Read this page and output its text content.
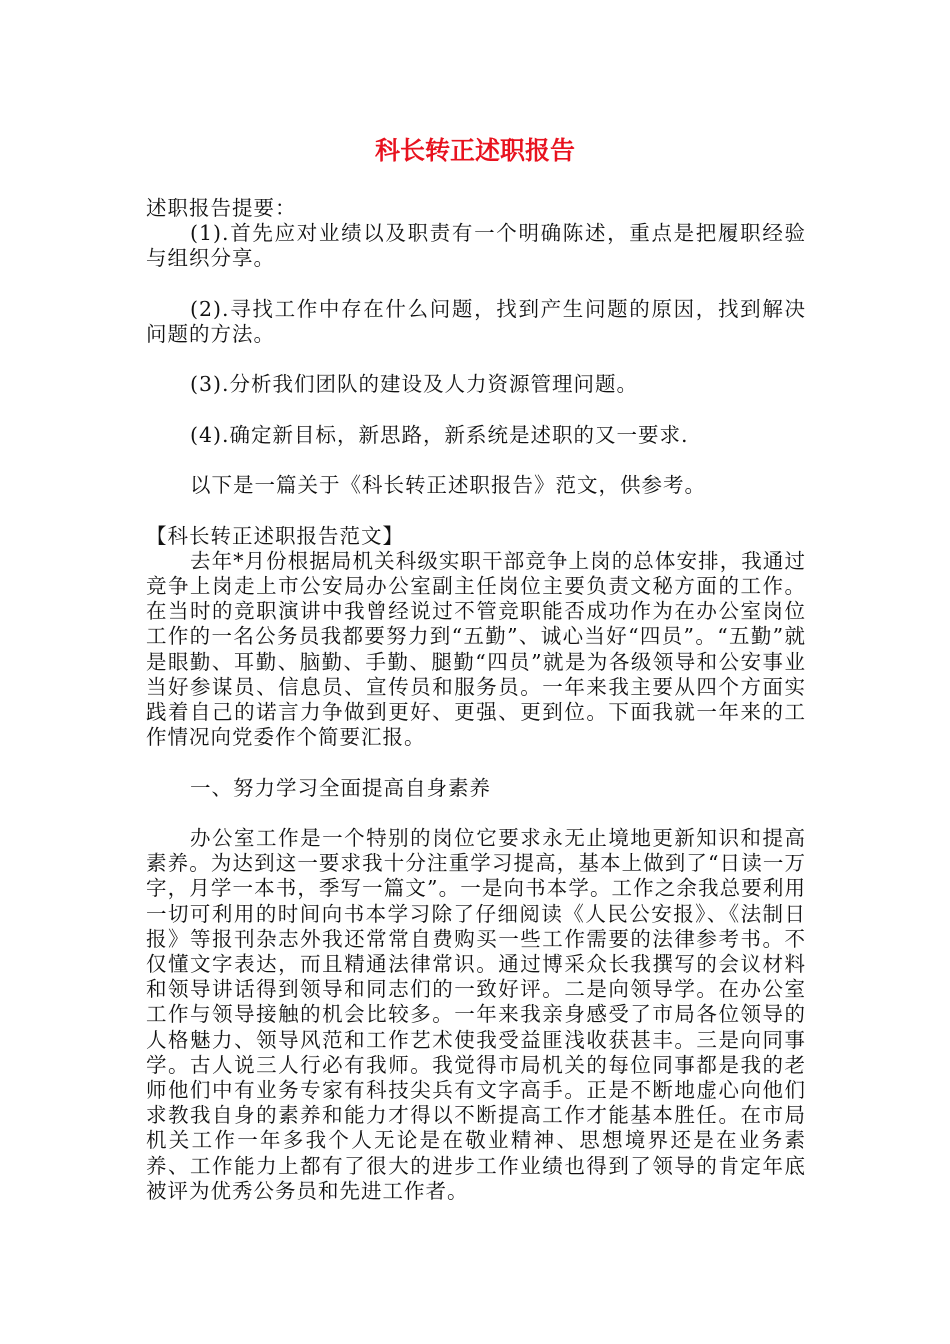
科长转正述职报告

述职报告提要：

(1).首先应对业绩以及职责有一个明确陈述，重点是把履职经验与组织分享。

(2).寻找工作中存在什么问题，找到产生问题的原因，找到解决问题的方法。

(3).分析我们团队的建设及人力资源管理问题。

(4).确定新目标，新思路，新系统是述职的又一要求.

以下是一篇关于《科长转正述职报告》范文，供参考。

【科长转正述职报告范文】

去年*月份根据局机关科级实职干部竞争上岗的总体安排，我通过竞争上岗走上市公安局办公室副主任岗位主要负责文秘方面的工作。在当时的竞职演讲中我曾经说过不管竞职能否成功作为在办公室岗位工作的一名公务员我都要努力到“五勤”、诚心当好“四员”。“五勤”就是眼勤、耳勤、脑勤、手勤、腿勤“四员”就是为各级领导和公安事业当好参谋员、信息员、宣传员和服务员。一年来我主要从四个方面实践着自己的诺言力争做到更好、更强、更到位。下面我就一年来的工作情况向党委作个简要汇报。

一、努力学习全面提高自身素养

办公室工作是一个特别的岗位它要求永无止境地更新知识和提高素养。为达到这一要求我十分注重学习提高，基本上做到了“日读一万字，月学一本书，季写一篇文”。一是向书本学。工作之余我总要利用一切可利用的时间向书本学习除了仔细阅读《人民公安报》、《法制日报》等报刊杂志外我还常常自费购买一些工作需要的法律参考书。不仅懂文字表达，而且精通法律常识。通过博采众长我撰写的会议材料和领导讲话得到领导和同志们的一致好评。二是向领导学。在办公室工作与领导接触的机会比较多。一年来我亲身感受了市局各位领导的人格魅力、领导风范和工作艺术使我受益匪浅收获甚丰。三是向同事学。古人说三人行必有我师。我觉得市局机关的每位同事都是我的老师他们中有业务专家有科技尖兵有文字高手。正是不断地虚心向他们求教我自身的素养和能力才得以不断提高工作才能基本胜任。在市局机关工作一年多我个人无论是在敬业精神、思想境界还是在业务素养、工作能力上都有了很大的进步工作业绩也得到了领导的肯定年底被评为优秀公务员和先进工作者。
